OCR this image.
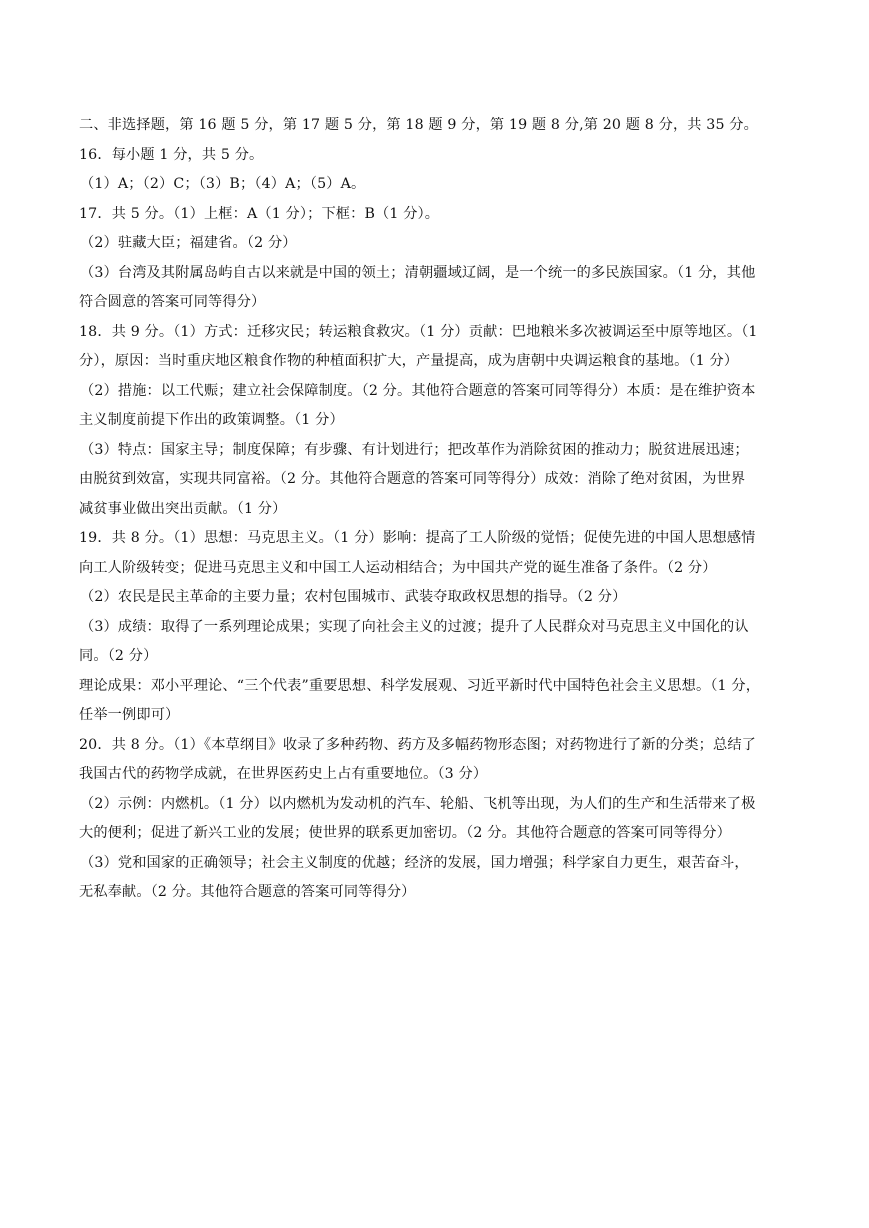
二、非选择题，第 16 题 5 分，第 17 题 5 分，第 18 题 9 分，第 19 题 8 分,第 20 题 8 分，共 35 分。
16．每小题 1 分，共 5 分。
（1）A；（2）C；（3）B；（4）A；（5）A。
17．共 5 分。（1）上框：A（1 分）；下框：B（1 分）。
（2）驻藏大臣；福建省。（2 分）
（3）台湾及其附属岛屿自古以来就是中国的领土；清朝疆域辽阔，是一个统一的多民族国家。（1 分，其他
符合圆意的答案可同等得分）
18．共 9 分。（1）方式：迁移灾民；转运粮食救灾。（1 分）贡献：巴地粮米多次被调运至中原等地区。（1
分），原因：当时重庆地区粮食作物的种植面积扩大，产量提高，成为唐朝中央调运粮食的基地。（1 分）
（2）措施：以工代赈；建立社会保障制度。（2 分。其他符合题意的答案可同等得分）本质：是在维护资本
主义制度前提下作出的政策调整。（1 分）
（3）特点：国家主导；制度保障；有步骤、有计划进行；把改革作为消除贫困的推动力；脱贫进展迅速；
由脱贫到效富，实现共同富裕。（2 分。其他符合题意的答案可同等得分）成效：消除了绝对贫困，为世界
减贫事业做出突出贡献。（1 分）
19．共 8 分。（1）思想：马克思主义。（1 分）影响：提高了工人阶级的觉悟；促使先进的中国人思想感情
向工人阶级转变；促进马克思主义和中国工人运动相结合；为中国共产党的诞生准备了条件。（2 分）
（2）农民是民主革命的主要力量；农村包围城市、武装夺取政权思想的指导。（2 分）
（3）成绩：取得了一系列理论成果；实现了向社会主义的过渡；提升了人民群众对马克思主义中国化的认
同。（2 分）
理论成果：邓小平理论、“三个代表”重要思想、科学发展观、习近平新时代中国特色社会主义思想。（1 分，
任举一例即可）
20．共 8 分。（1）《本草纲目》收录了多种药物、药方及多幅药物形态图；对药物进行了新的分类；总结了
我国古代的药物学成就，在世界医药史上占有重要地位。（3 分）
（2）示例：内燃机。（1 分）以内燃机为发动机的汽车、轮船、飞机等出现，为人们的生产和生活带来了极
大的便利；促进了新兴工业的发展；使世界的联系更加密切。（2 分。其他符合题意的答案可同等得分）
（3）党和国家的正确领导；社会主义制度的优越；经济的发展，国力增强；科学家自力更生，艰苦奋斗，
无私奉献。（2 分。其他符合题意的答案可同等得分）
